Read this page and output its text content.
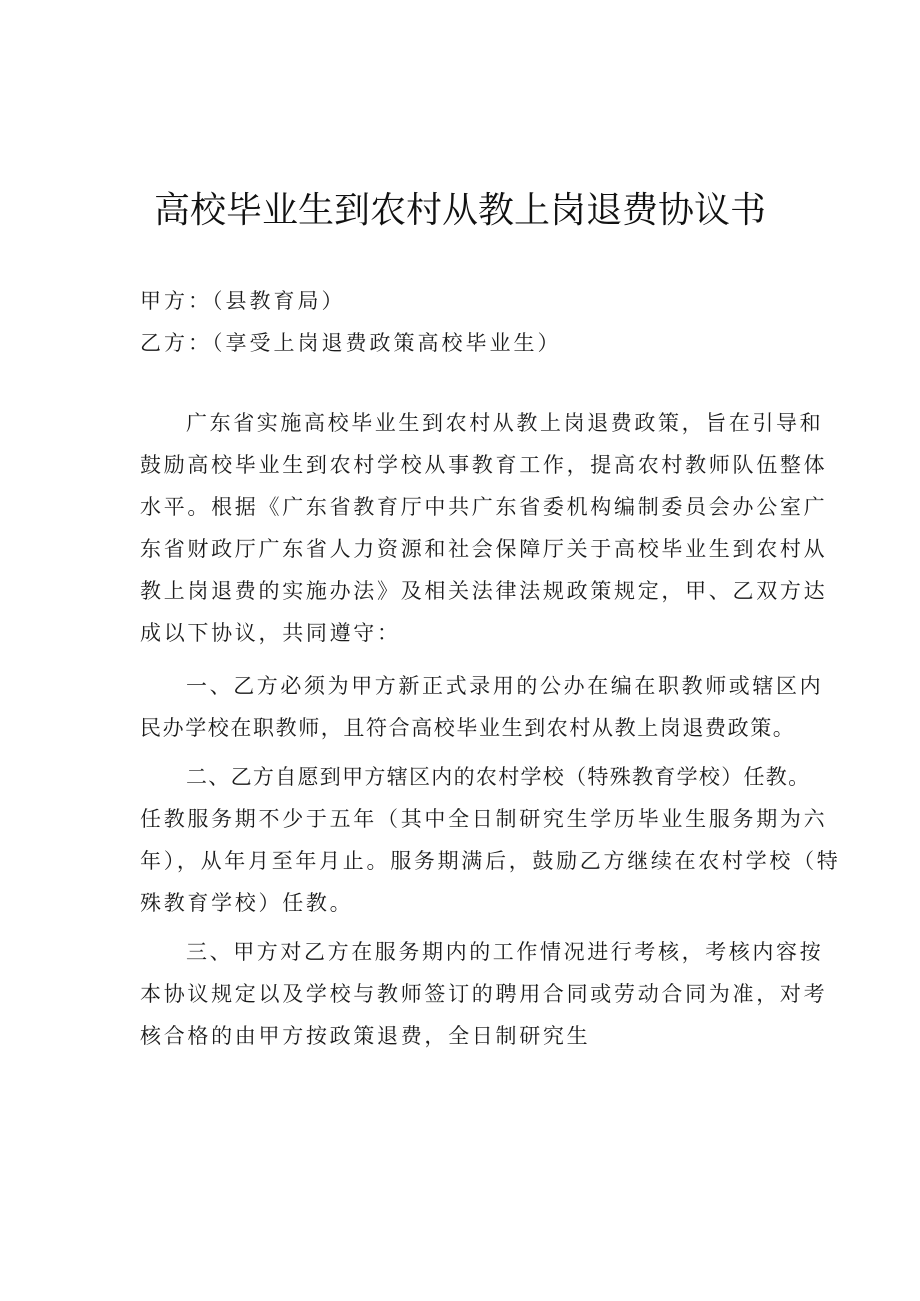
高校毕业生到农村从教上岗退费协议书
甲方：（县教育局）
乙方：（享受上岗退费政策高校毕业生）
广东省实施高校毕业生到农村从教上岗退费政策，旨在引导和
鼓励高校毕业生到农村学校从事教育工作，提高农村教师队伍整体
水平。根据《广东省教育厅中共广东省委机构编制委员会办公室广
东省财政厅广东省人力资源和社会保障厅关于高校毕业生到农村从
教上岗退费的实施办法》及相关法律法规政策规定，甲、乙双方达
成以下协议，共同遵守：
一、乙方必须为甲方新正式录用的公办在编在职教师或辖区内
民办学校在职教师，且符合高校毕业生到农村从教上岗退费政策。
二、乙方自愿到甲方辖区内的农村学校（特殊教育学校）任教。
任教服务期不少于五年（其中全日制研究生学历毕业生服务期为六
年），从年月至年月止。服务期满后，鼓励乙方继续在农村学校（特
殊教育学校）任教。
三、甲方对乙方在服务期内的工作情况进行考核，考核内容按
本协议规定以及学校与教师签订的聘用合同或劳动合同为准，对考
核合格的由甲方按政策退费，全日制研究生
